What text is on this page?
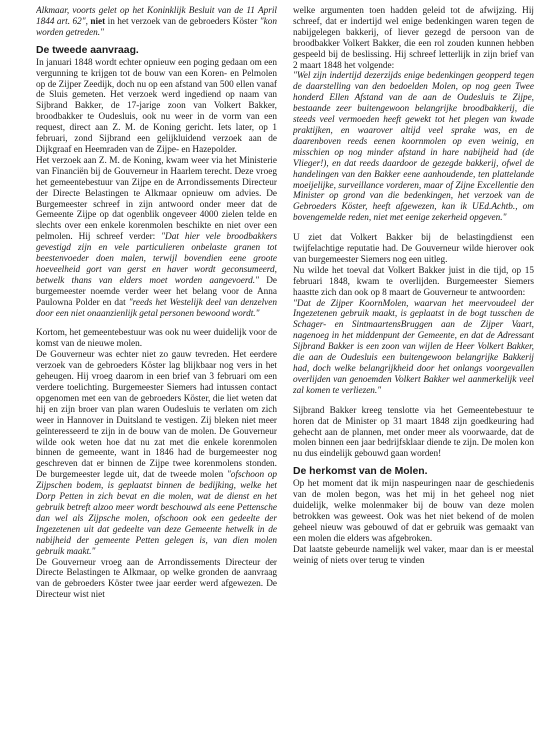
Alkmaar, voorts gelet op het Koninklijk Besluit van de 11 April 1844 art. 62", niet in het verzoek van de gebroeders Köster "kon worden getreden."

De tweede aanvraag.

In januari 1848 wordt echter opnieuw een poging gedaan om een vergunning te krijgen tot de bouw van een Koren- en Pelmolen op de Zijper Zeedijk, doch nu op een afstand van 500 ellen vanaf de Sluis gemeten. Het verzoek werd ingediend op naam van Sijbrand Bakker, de 17-jarige zoon van Volkert Bakker, broodbakker te Oudesluis, ook nu weer in de vorm van een request, direct aan Z. M. de Koning gericht. Iets later, op 1 februari, zond Sijbrand een gelijkluidend verzoek aan de Dijkgraaf en Heemraden van de Zijpe- en Hazepolder.

Het verzoek aan Z. M. de Koning, kwam weer via het Ministerie van Financiën bij de Gouverneur in Haarlem terecht. Deze vroeg het gemeentebestuur van Zijpe en de Arrondissements Directeur der Directe Belastingen te Alkmaar opnieuw om advies. De Burgemeester schreef in zijn antwoord onder meer dat de Gemeente Zijpe op dat ogenblik ongeveer 4000 zielen telde en slechts over een enkele korenmolen beschikte en niet over een pelmolen. Hij schreef verder: "Dat hier vele broodbakkers gevestigd zijn en vele particulieren onbelaste granen tot beestenvoeder doen malen, terwijl bovendien eene groote hoeveelheid gort van gerst en haver wordt geconsumeerd, betwelk thans van elders moet worden aangevoerd." De burgemeester noemde verder weer het belang voor de Anna Paulowna Polder en dat "reeds het Westelijk deel van denzelven door een niet onaanzienlijk getal personen bewoond wordt."

Kortom, het gemeentebestuur was ook nu weer duidelijk voor de komst van de nieuwe molen.

De Gouverneur was echter niet zo gauw tevreden. Het eerdere verzoek van de gebroeders Köster lag blijkbaar nog vers in het geheugen. Hij vroeg daarom in een brief van 3 februari om een verdere toelichting. Burgemeester Siemers had intussen contact opgenomen met een van de gebroeders Köster, die liet weten dat hij en zijn broer van plan waren Oudesluis te verlaten om zich weer in Hannover in Duitsland te vestigen. Zij bleken niet meer geïnteresseerd te zijn in de bouw van de molen. De Gouverneur wilde ook weten hoe dat nu zat met die enkele korenmolen binnen de gemeente, want in 1846 had de burgemeester nog geschreven dat er binnen de Zijpe twee korenmolens stonden. De burgemeester legde uit, dat de tweede molen "ofschoon op Zijpschen bodem, is geplaatst binnen de bedijking, welke het Dorp Petten in zich bevat en die molen, wat de dienst en het gebruik betreft alzoo meer wordt beschouwd als eene Pettensche dan wel als Zijpsche molen, ofschoon ook een gedeelte der Ingezetenen uit dat gedeelte van deze Gemeente hetwelk in de nabijheid der gemeente Petten gelegen is, van dien molen gebruik maakt."

De Gouverneur vroeg aan de Arrondissements Directeur der Directe Belastingen te Alkmaar, op welke gronden de aanvraag van de gebroeders Köster twee jaar eerder werd afgewezen. De Directeur wist niet

welke argumenten toen hadden geleid tot de afwijzing. Hij schreef, dat er indertijd wel enige bedenkingen waren tegen de nabijgelegen bakkerij, of liever gezegd de persoon van de broodbakker Volkert Bakker, die een rol zouden kunnen hebben gespeeld bij de beslissing. Hij schreef letterlijk in zijn brief van 2 maart 1848 het volgende:

"Wel zijn indertijd dezerzijds enige bedenkingen geopperd tegen de daarstelling van den bedoelden Molen, op nog geen Twee honderd Ellen Afstand van de aan de Oudesluis te Zijpe, bestaande zeer buitengewoon belangrijke broodbakkerij, die steeds veel vermoeden heeft gewekt tot het plegen van kwade praktijken, en waarover altijd veel sprake was, en de daarenboven reeds eenen koornmolen op even weinig, en misschien op nog minder afstand in hare nabijheid had (de Vlieger!), en dat reeds daardoor de gezegde bakkerij, ofwel de handelingen van den Bakker eene aanhoudende, ten plattelande moeijelijke, surveillance vorderen, maar of Zijne Excellentie den Minister op grond van die bedenkingen, het verzoek van de Gebroeders Köster, heeft afgewezen, kan ik UEd.Achtb., om bovengemelde reden, niet met eenige zekerheid opgeven."

U ziet dat Volkert Bakker bij de belastingdienst een twijfelachtige reputatie had. De Gouverneur wilde hierover ook van burgemeester Siemers nog een uitleg.

Nu wilde het toeval dat Volkert Bakker juist in die tijd, op 15 februari 1848, kwam te overlijden. Burgemeester Siemers haastte zich dan ook op 8 maart de Gouverneur te antwoorden:

"Dat de Zijper KoornMolen, waarvan het meervoudeel der Ingezetenen gebruik maakt, is geplaatst in de bogt tusschen de Schager- en SintmaartensBruggen aan de Zijper Vaart, nagenoeg in het middenpunt der Gemeente, en dat de Adressant Sijbrand Bakker is een zoon van wijlen de Heer Volkert Bakker, die aan de Oudesluis een buitengewoon belangrijke Bakkerij had, doch welke belangrijkheid door het onlangs voorgevallen overlijden van genoemden Volkert Bakker wel aanmerkelijk veel zal komen te verliezen."

Sijbrand Bakker kreeg tenslotte via het Gemeentebestuur te horen dat de Minister op 31 maart 1848 zijn goedkeuring had gehecht aan de plannen, met onder meer als voorwaarde, dat de molen binnen een jaar bedrijfsklaar diende te zijn. De molen kon nu dus eindelijk gebouwd gaan worden!

De herkomst van de Molen.

Op het moment dat ik mijn naspeuringen naar de geschiedenis van de molen begon, was het mij in het geheel nog niet duidelijk, welke molenmaker bij de bouw van deze molen betrokken was geweest. Ook was het niet bekend of de molen geheel nieuw was gebouwd of dat er gebruik was gemaakt van een molen die elders was afgebroken.

Dat laatste gebeurde namelijk wel vaker, maar dan is er meestal weinig of niets over terug te vinden
